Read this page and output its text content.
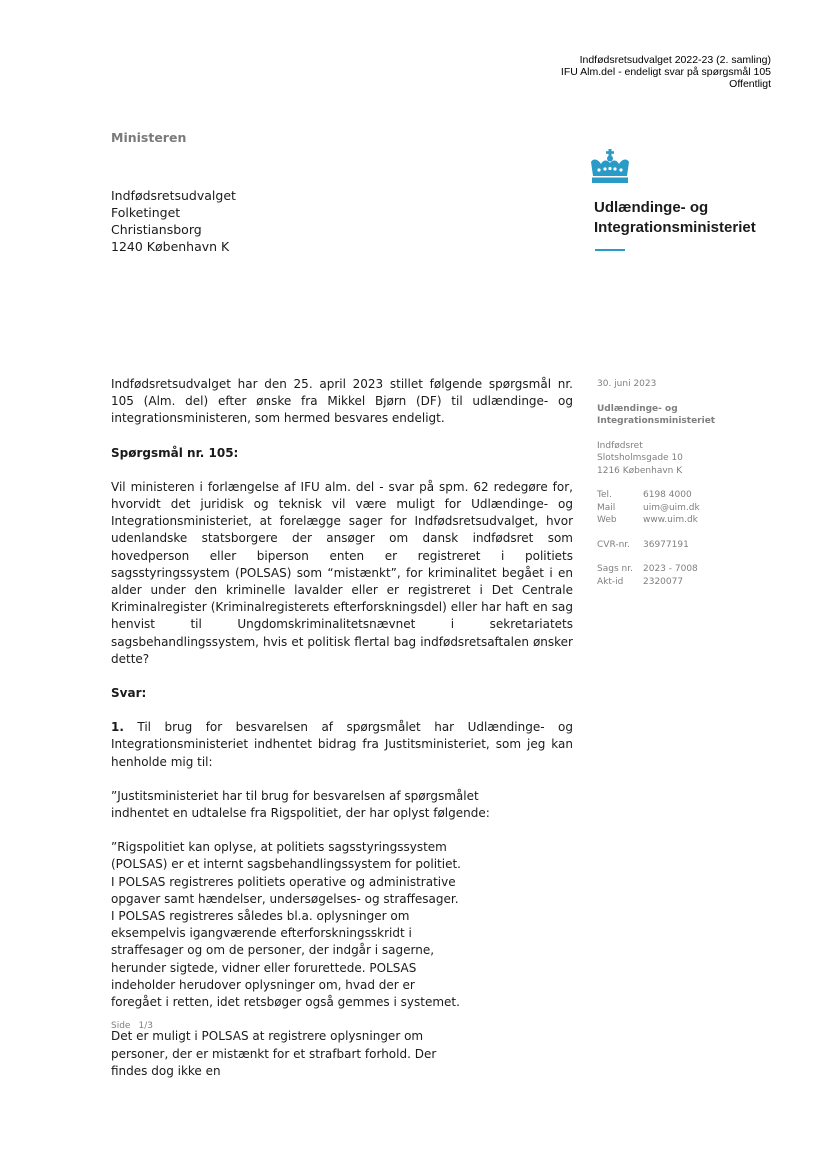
Indfødsretsudvalget 2022-23 (2. samling)
IFU Alm.del - endeligt svar på spørgsmål 105
Offentligt
Ministeren
Indfødsretsudvalget
Folketinget
Christiansborg
1240 København K
Udlændinge- og
Integrationsministeriet

Indfødsretsudvalget har den 25. april 2023 stillet følgende spørgsmål nr. 105 (Alm. del) efter ønske fra Mikkel Bjørn (DF) til udlændinge- og integrationsministeren, som hermed besvares endeligt.

Spørgsmål nr. 105:

Vil ministeren i forlængelse af IFU alm. del - svar på spm. 62 redegøre for, hvorvidt det juridisk og teknisk vil være muligt for Udlændinge- og Integrationsministeriet, at forelægge sager for Indfødsretsudvalget, hvor udenlandske statsborgere der ansøger om dansk indfødsret som hovedperson eller biperson enten er registreret i politiets sagsstyringssystem (POLSAS) som “mistænkt”, for kriminalitet begået i en alder under den kriminelle lavalder eller er registreret i Det Centrale Kriminalregister (Kriminalregisterets efterforskningsdel) eller har haft en sag henvist til Ungdomskriminalitetsnævnet i sekretariatets sagsbehandlingssystem, hvis et politisk flertal bag indfødsretsaftalen ønsker dette?

Svar:

1. Til brug for besvarelsen af spørgsmålet har Udlændinge- og Integrationsministeriet indhentet bidrag fra Justitsministeriet, som jeg kan henholde mig til:

”Justitsministeriet har til brug for besvarelsen af spørgsmålet indhentet en udtalelse fra Rigspolitiet, der har oplyst følgende:

”Rigspolitiet kan oplyse, at politiets sagsstyringssystem (POLSAS) er et internt sagsbehandlingssystem for politiet. I POLSAS registreres politiets operative og administrative opgaver samt hændelser, undersøgelses- og straffesager. I POLSAS registreres således bl.a. oplysninger om eksempelvis igangværende efterforskningsskridt i straffesager og om de personer, der indgår i sagerne, herunder sigtede, vidner eller forurettede. POLSAS indeholder herudover oplysninger om, hvad der er foregået i retten, idet retsbøger også gemmes i systemet.

Det er muligt i POLSAS at registrere oplysninger om personer, der er mistænkt for et strafbart forhold. Der findes dog ikke en

30. juni 2023
Udlændinge- og
Integrationsministeriet
Indfødsret
Slotsholmsgade 10
1216 København K
Tel.	6198 4000
Mail	uim@uim.dk
Web	www.uim.dk
CVR-nr.	36977191
Sags nr.	2023 - 7008
Akt-id	2320077
Side 1/3
